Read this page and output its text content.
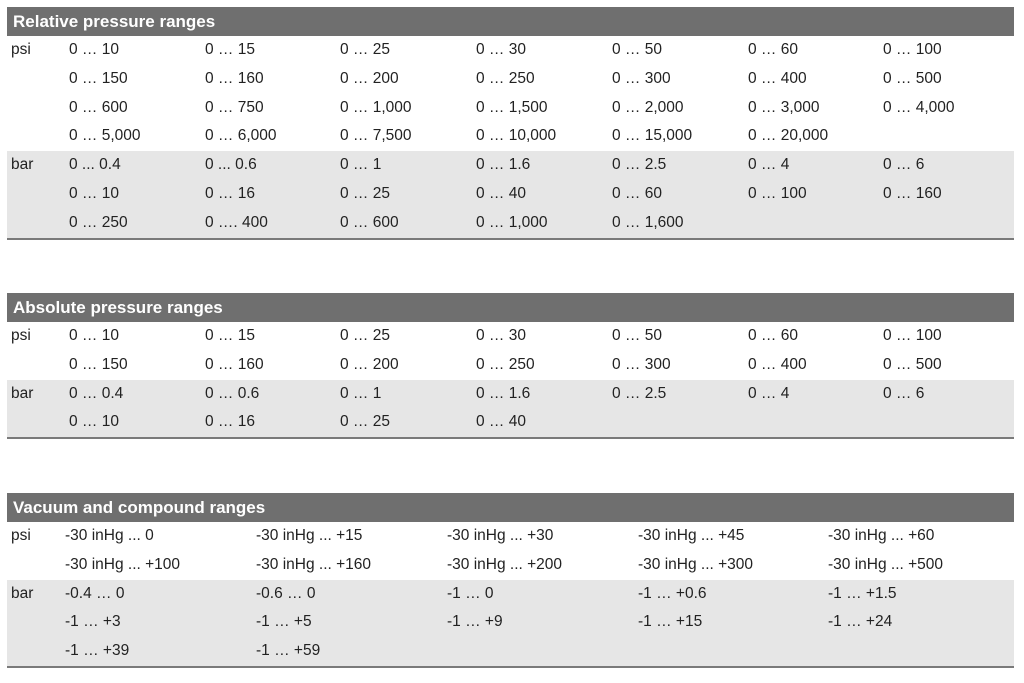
Relative pressure ranges
psi 0 … 10	0 … 15	0 … 25	0 … 30	0 … 50	0 … 60	0 … 100
0 … 150	0 … 160	0 … 200	0 … 250	0 … 300	0 … 400	0 … 500
0 … 600	0 … 750	0 … 1,000	0 … 1,500	0 … 2,000	0 … 3,000	0 … 4,000
0 … 5,000	0 … 6,000	0 … 7,500	0 … 10,000	0 … 15,000	0 … 20,000
bar 0 ... 0.4	0 ... 0.6	0 … 1	0 … 1.6	0 … 2.5	0 … 4	0 … 6
0 … 10	0 … 16	0 … 25	0 … 40	0 … 60	0 … 100	0 … 160
0 … 250	0 …. 400	0 … 600	0 … 1,000	0 … 1,600
Absolute pressure ranges
psi 0 … 10	0 … 15	0 … 25	0 … 30	0 … 50	0 … 60	0 … 100
0 … 150	0 … 160	0 … 200	0 … 250	0 … 300	0 … 400	0 … 500
bar 0 … 0.4	0 … 0.6	0 … 1	0 … 1.6	0 … 2.5	0 … 4	0 … 6
0 … 10	0 … 16	0 … 25	0 … 40
Vacuum and compound ranges
psi -30 inHg ... 0	-30 inHg ... +15	-30 inHg ... +30	-30 inHg ... +45	-30 inHg ... +60
-30 inHg ... +100	-30 inHg ... +160	-30 inHg ... +200	-30 inHg ... +300	-30 inHg ... +500
bar -0.4 … 0	-0.6 … 0	-1 … 0	-1 … +0.6	-1 … +1.5
-1 … +3	-1 … +5	-1 … +9	-1 … +15	-1 … +24
-1 … +39	-1 … +59
